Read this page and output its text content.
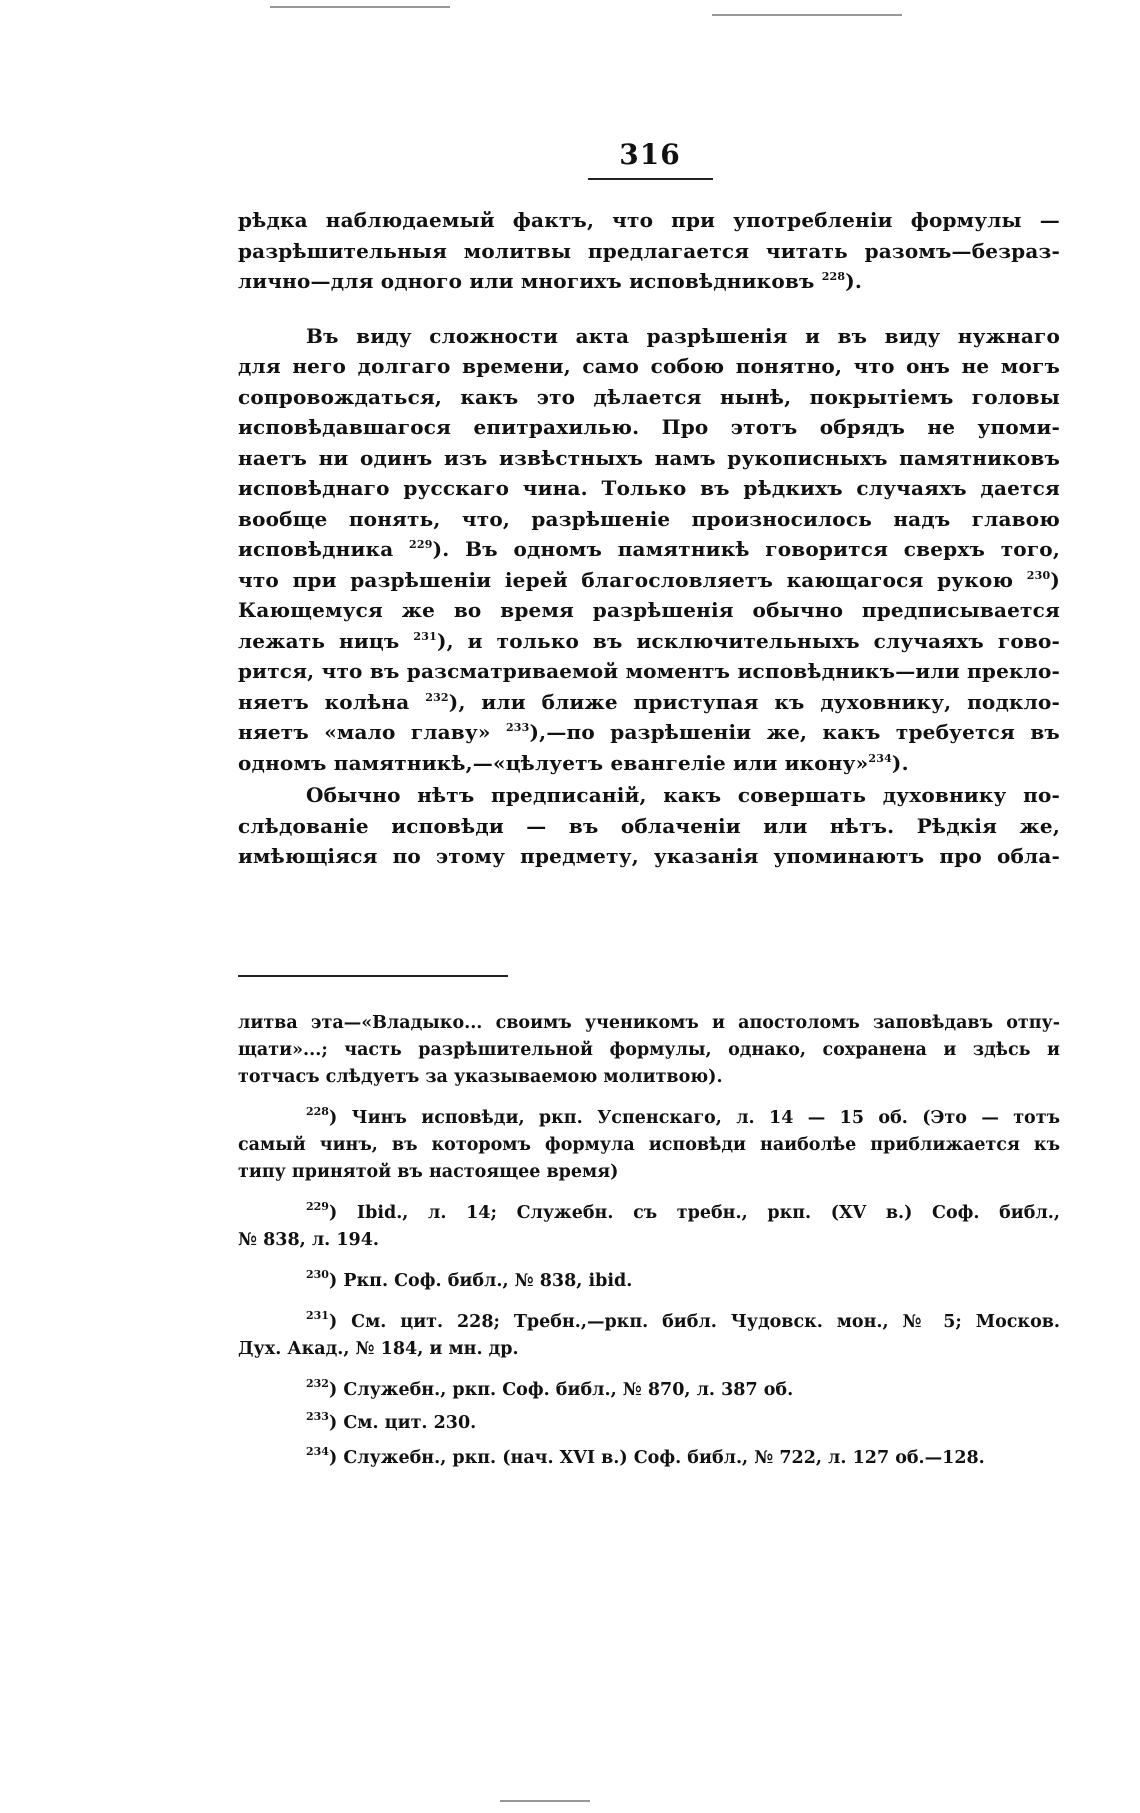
316
рѣдка наблюдаемый фактъ, что при употребленіи формулы —
разрѣшительныя молитвы предлагается читать разомъ—безраз-
лично—для одного или многихъ исповѣдниковъ $^{228}$).
Въ виду сложности акта разрѣшенія и въ виду нужнаго
для него долгаго времени, само собою понятно, что онъ не могъ
сопровождаться, какъ это дѣлается нынѣ, покрытіемъ головы
исповѣдавшагося епитрахилью. Про этотъ обрядъ не упоми-
наетъ ни одинъ изъ извѣстныхъ намъ рукописныхъ памятниковъ
исповѣднаго русскаго чина. Только въ рѣдкихъ случаяхъ дается
вообще понять, что, разрѣшеніе произносилось надъ главою
исповѣдника $^{229}$). Въ одномъ памятникѣ говорится сверхъ того,
что при разрѣшеніи іерей благословляетъ кающагося рукою $^{230}$)
Кающемуся же во время разрѣшенія обычно предписывается
лежать ницъ $^{231}$), и только въ исключительныхъ случаяхъ гово-
рится, что въ разсматриваемой моментъ исповѣдникъ—или прекло-
няетъ колѣна $^{232}$), или ближе приступая къ духовнику, подкло-
няетъ «мало главу» $^{233}$),—по разрѣшеніи же, какъ требуется въ
одномъ памятникѣ,—«цѣлуетъ евангеліе или икону»$^{234}$).
Обычно нѣтъ предписаній, какъ совершать духовнику по-
слѣдованіе исповѣди — въ облаченіи или нѣтъ. Рѣдкія же,
имѣющіяся по этому предмету, указанія упоминаютъ про обла-
литва эта—«Владыко... своимъ ученикомъ и апостоломъ заповѣдавъ отпу-
щати»...; часть разрѣшительной формулы, однако, сохранена и здѣсь и
тотчасъ слѣдуетъ за указываемою молитвою).
$^{228}$) Чинъ исповѣди, ркп. Успенскаго, л. 14 — 15 об. (Это — тотъ
самый чинъ, въ которомъ формула исповѣди наиболѣе приближается къ
типу принятой въ настоящее время)
$^{229}$) Ibid., л. 14; Служебн. съ требн., ркп. (XV в.) Соф. библ.,
№ 838, л. 194.
$^{230}$) Ркп. Соф. библ., № 838, ibid.
$^{231}$) См. цит. 228; Требн.,—ркп. библ. Чудовск. мон., № 5; Москов.
Дух. Акад., № 184, и мн. др.
$^{232}$) Служебн., ркп. Соф. библ., № 870, л. 387 об.
$^{233}$) См. цит. 230.
$^{234}$) Служебн., ркп. (нач. XVI в.) Соф. библ., № 722, л. 127 об.—128.
